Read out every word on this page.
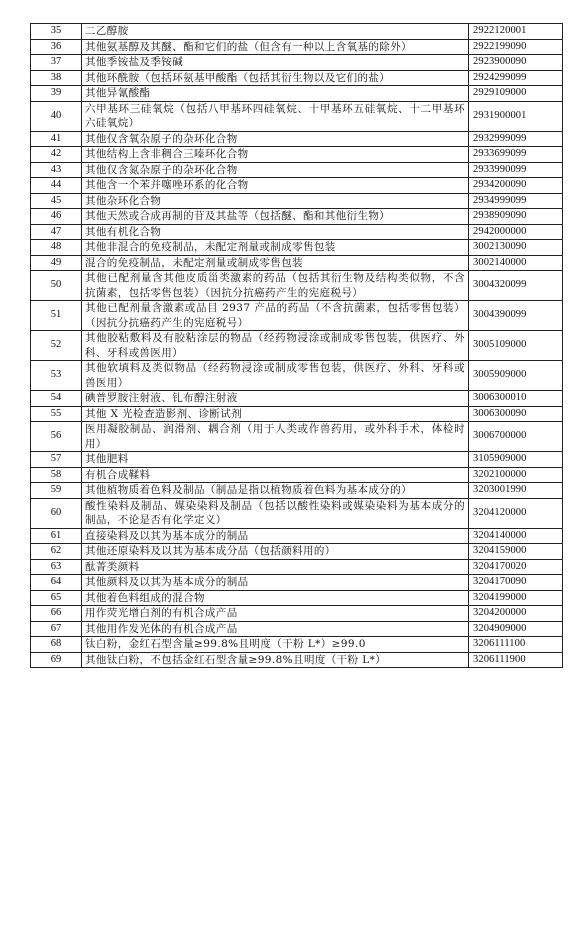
35	二乙醇胺	2922120001
36	其他氨基醇及其醚、酯和它们的盐（但含有一种以上含氧基的除外）	2922199090
37	其他季铵盐及季铵碱	2923900090
38	其他环酰胺（包括环氨基甲酸酯（包括其衍生物以及它们的盐）	2924299099
39	其他异氰酸酯	2929109000
40	六甲基环三硅氧烷（包括八甲基环四硅氧烷、十甲基环五硅氧烷、十二甲基环六硅氧烷）	2931900001
41	其他仅含氧杂原子的杂环化合物	2932999099
42	其他结构上含非稠合三嗪环化合物	2933699099
43	其他仅含氮杂原子的杂环化合物	2933990099
44	其他含一个苯并噻唑环系的化合物	2934200090
45	其他杂环化合物	2934999099
46	其他天然或合成再制的苷及其盐等（包括醚、酯和其他衍生物）	2938909090
47	其他有机化合物	2942000000
48	其他非混合的免疫制品，未配定剂量或制成零售包装	3002130090
49	混合的免疫制品，未配定剂量或制成零售包装	3002140000
50	其他已配剂量含其他皮质甾类激素的药品（包括其衍生物及结构类似物，不含抗菌素，包括零售包装）（因抗分抗癌药产生的宪庭税号）	3004320099
51	其他已配剂量含激素或品目 2937 产品的药品（不含抗菌素，包括零售包装）（因抗分抗癌药产生的宪庭税号）	3004390099
52	其他胶粘敷料及有胶粘涂层的物品（经药物浸涂或制成零售包装，供医疗、外科、牙科或兽医用）	3005109000
53	其他软填料及类似物品（经药物浸涂或制成零售包装，供医疗、外科、牙科或兽医用）	3005909000
54	碘普罗胺注射液、钆布醇注射液	3006300010
55	其他 X 光检查造影剂、诊断试剂	3006300090
56	医用凝胶制品、润滑剂、耦合剂（用于人类或作兽药用，或外科手术，体检时用）	3006700000
57	其他肥料	3105909000
58	有机合成鞣料	3202100000
59	其他植物质着色料及制品（制品是指以植物质着色料为基本成分的）	3203001990
60	酸性染料及制品、媒染染料及制品（包括以酸性染料或媒染染料为基本成分的制品，不论是否有化学定义）	3204120000
61	直接染料及以其为基本成分的制品	3204140000
62	其他还原染料及以其为基本成分品（包括颜料用的）	3204159000
63	酞菁类颜料	3204170020
64	其他颜料及以其为基本成分的制品	3204170090
65	其他着色料组成的混合物	3204199000
66	用作荧光增白剂的有机合成产品	3204200000
67	其他用作发光体的有机合成产品	3204909000
68	钛白粉，金红石型含量≥99.8%且明度（干粉 L*）≥99.0	3206111100
69	其他钛白粉，不包括金红石型含量≥99.8%且明度（干粉 L*）	3206111900
